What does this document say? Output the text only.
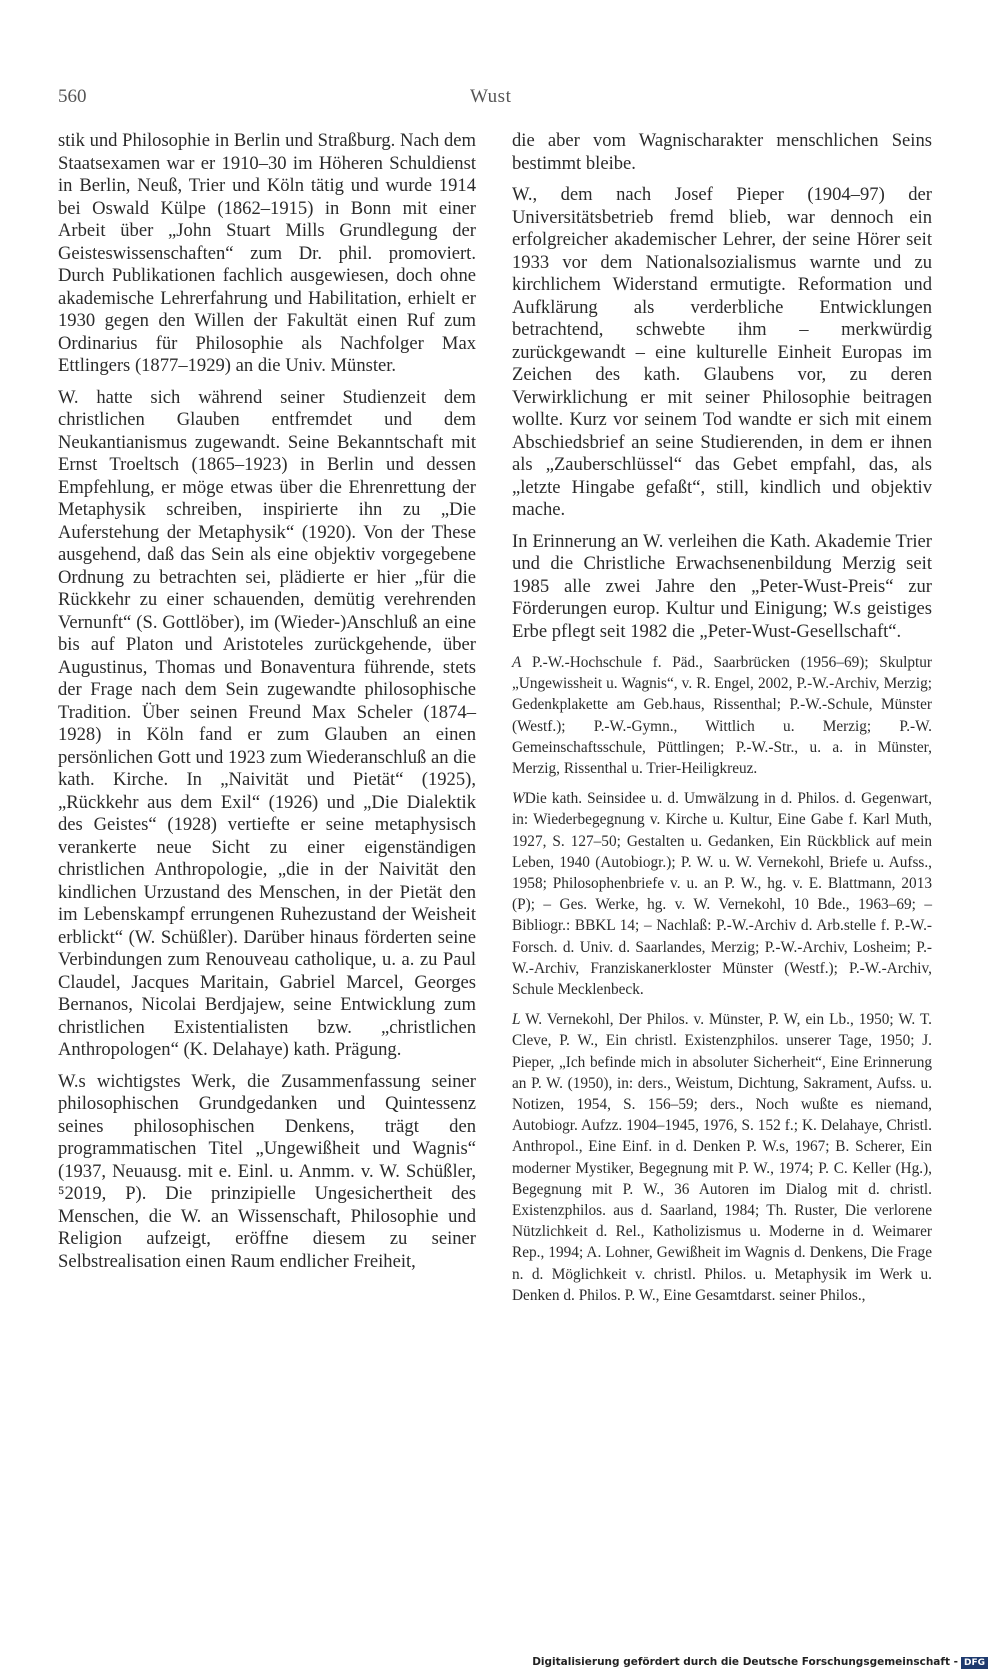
560	Wust

stik und Philosophie in Berlin und Straßburg. Nach dem Staatsexamen war er 1910–30 im Höheren Schuldienst in Berlin, Neuß, Trier und Köln tätig und wurde 1914 bei Oswald Külpe (1862–1915) in Bonn mit einer Arbeit über „John Stuart Mills Grundlegung der Geisteswissenschaften“ zum Dr. phil. promoviert. Durch Publikationen fachlich ausgewiesen, doch ohne akademische Lehrerfahrung und Habilitation, erhielt er 1930 gegen den Willen der Fakultät einen Ruf zum Ordinarius für Philosophie als Nachfolger Max Ettlingers (1877–1929) an die Univ. Münster.

W. hatte sich während seiner Studienzeit dem christlichen Glauben entfremdet und dem Neukantianismus zugewandt. Seine Bekanntschaft mit Ernst Troeltsch (1865–1923) in Berlin und dessen Empfehlung, er möge etwas über die Ehrenrettung der Metaphysik schreiben, inspirierte ihn zu „Die Auferstehung der Metaphysik“ (1920). Von der These ausgehend, daß das Sein als eine objektiv vorgegebene Ordnung zu betrachten sei, plädierte er hier „für die Rückkehr zu einer schauenden, demütig verehrenden Vernunft“ (S. Gottlöber), im (Wieder-)Anschluß an eine bis auf Platon und Aristoteles zurückgehende, über Augustinus, Thomas und Bonaventura führende, stets der Frage nach dem Sein zugewandte philosophische Tradition. Über seinen Freund Max Scheler (1874–1928) in Köln fand er zum Glauben an einen persönlichen Gott und 1923 zum Wiederanschluß an die kath. Kirche. In „Naivität und Pietät“ (1925), „Rückkehr aus dem Exil“ (1926) und „Die Dialektik des Geistes“ (1928) vertiefte er seine metaphysisch verankerte neue Sicht zu einer eigenständigen christlichen Anthropologie, „die in der Naivität den kindlichen Urzustand des Menschen, in der Pietät den im Lebenskampf errungenen Ruhezustand der Weisheit erblickt“ (W. Schüßler). Darüber hinaus förderten seine Verbindungen zum Renouveau catholique, u. a. zu Paul Claudel, Jacques Maritain, Gabriel Marcel, Georges Bernanos, Nicolai Berdjajew, seine Entwicklung zum christlichen Existentialisten bzw. „christlichen Anthropologen“ (K. Delahaye) kath. Prägung.

W.s wichtigstes Werk, die Zusammenfassung seiner philosophischen Grundgedanken und Quintessenz seines philosophischen Denkens, trägt den programmatischen Titel „Ungewißheit und Wagnis“ (1937, Neuausg. mit e. Einl. u. Anmm. v. W. Schüßler, ⁵2019, P). Die prinzipielle Ungesichertheit des Menschen, die W. an Wissenschaft, Philosophie und Religion aufzeigt, eröffne diesem zu seiner Selbstrealisation einen Raum endlicher Freiheit,

die aber vom Wagnischarakter menschlichen Seins bestimmt bleibe.

W., dem nach Josef Pieper (1904–97) der Universitätsbetrieb fremd blieb, war dennoch ein erfolgreicher akademischer Lehrer, der seine Hörer seit 1933 vor dem Nationalsozialismus warnte und zu kirchlichem Widerstand ermutigte. Reformation und Aufklärung als verderbliche Entwicklungen betrachtend, schwebte ihm – merkwürdig zurückgewandt – eine kulturelle Einheit Europas im Zeichen des kath. Glaubens vor, zu deren Verwirklichung er mit seiner Philosophie beitragen wollte. Kurz vor seinem Tod wandte er sich mit einem Abschiedsbrief an seine Studierenden, in dem er ihnen als „Zauberschlüssel“ das Gebet empfahl, das, als „letzte Hingabe gefaßt“, still, kindlich und objektiv mache.

In Erinnerung an W. verleihen die Kath. Akademie Trier und die Christliche Erwachsenenbildung Merzig seit 1985 alle zwei Jahre den „Peter-Wust-Preis“ zur Förderungen europ. Kultur und Einigung; W.s geistiges Erbe pflegt seit 1982 die „Peter-Wust-Gesellschaft“.

A P.-W.-Hochschule f. Päd., Saarbrücken (1956–69); Skulptur „Ungewissheit u. Wagnis“, v. R. Engel, 2002, P.-W.-Archiv, Merzig; Gedenkplakette am Geb.haus, Rissenthal; P.-W.-Schule, Münster (Westf.); P.-W.-Gymn., Wittlich u. Merzig; P.-W. Gemeinschaftsschule, Püttlingen; P.-W.-Str., u. a. in Münster, Merzig, Rissenthal u. Trier-Heiligkreuz.

WDie kath. Seinsidee u. d. Umwälzung in d. Philos. d. Gegenwart, in: Wiederbegegnung v. Kirche u. Kultur, Eine Gabe f. Karl Muth, 1927, S. 127–50; Gestalten u. Gedanken, Ein Rückblick auf mein Leben, 1940 (Autobiogr.); P. W. u. W. Vernekohl, Briefe u. Aufss., 1958; Philosophenbriefe v. u. an P. W., hg. v. E. Blattmann, 2013 (P); – Ges. Werke, hg. v. W. Vernekohl, 10 Bde., 1963–69; – Bibliogr.: BBKL 14; – Nachlaß: P.-W.-Archiv d. Arb.stelle f. P.-W.-Forsch. d. Univ. d. Saarlandes, Merzig; P.-W.-Archiv, Losheim; P.-W.-Archiv, Franziskanerkloster Münster (Westf.); P.-W.-Archiv, Schule Mecklenbeck.

L W. Vernekohl, Der Philos. v. Münster, P. W, ein Lb., 1950; W. T. Cleve, P. W., Ein christl. Existenzphilos. unserer Tage, 1950; J. Pieper, „Ich befinde mich in absoluter Sicherheit“, Eine Erinnerung an P. W. (1950), in: ders., Weistum, Dichtung, Sakrament, Aufss. u. Notizen, 1954, S. 156–59; ders., Noch wußte es niemand, Autobiogr. Aufzz. 1904–1945, 1976, S. 152 f.; K. Delahaye, Christl. Anthropol., Eine Einf. in d. Denken P. W.s, 1967; B. Scherer, Ein moderner Mystiker, Begegnung mit P. W., 1974; P. C. Keller (Hg.), Begegnung mit P. W., 36 Autoren im Dialog mit d. christl. Existenzphilos. aus d. Saarland, 1984; Th. Ruster, Die verlorene Nützlichkeit d. Rel., Katholizismus u. Moderne in d. Weimarer Rep., 1994; A. Lohner, Gewißheit im Wagnis d. Denkens, Die Frage n. d. Möglichkeit v. christl. Philos. u. Metaphysik im Werk u. Denken d. Philos. P. W., Eine Gesamtdarst. seiner Philos.,

Digitalisierung gefördert durch die Deutsche Forschungsgemeinschaft - DFG
